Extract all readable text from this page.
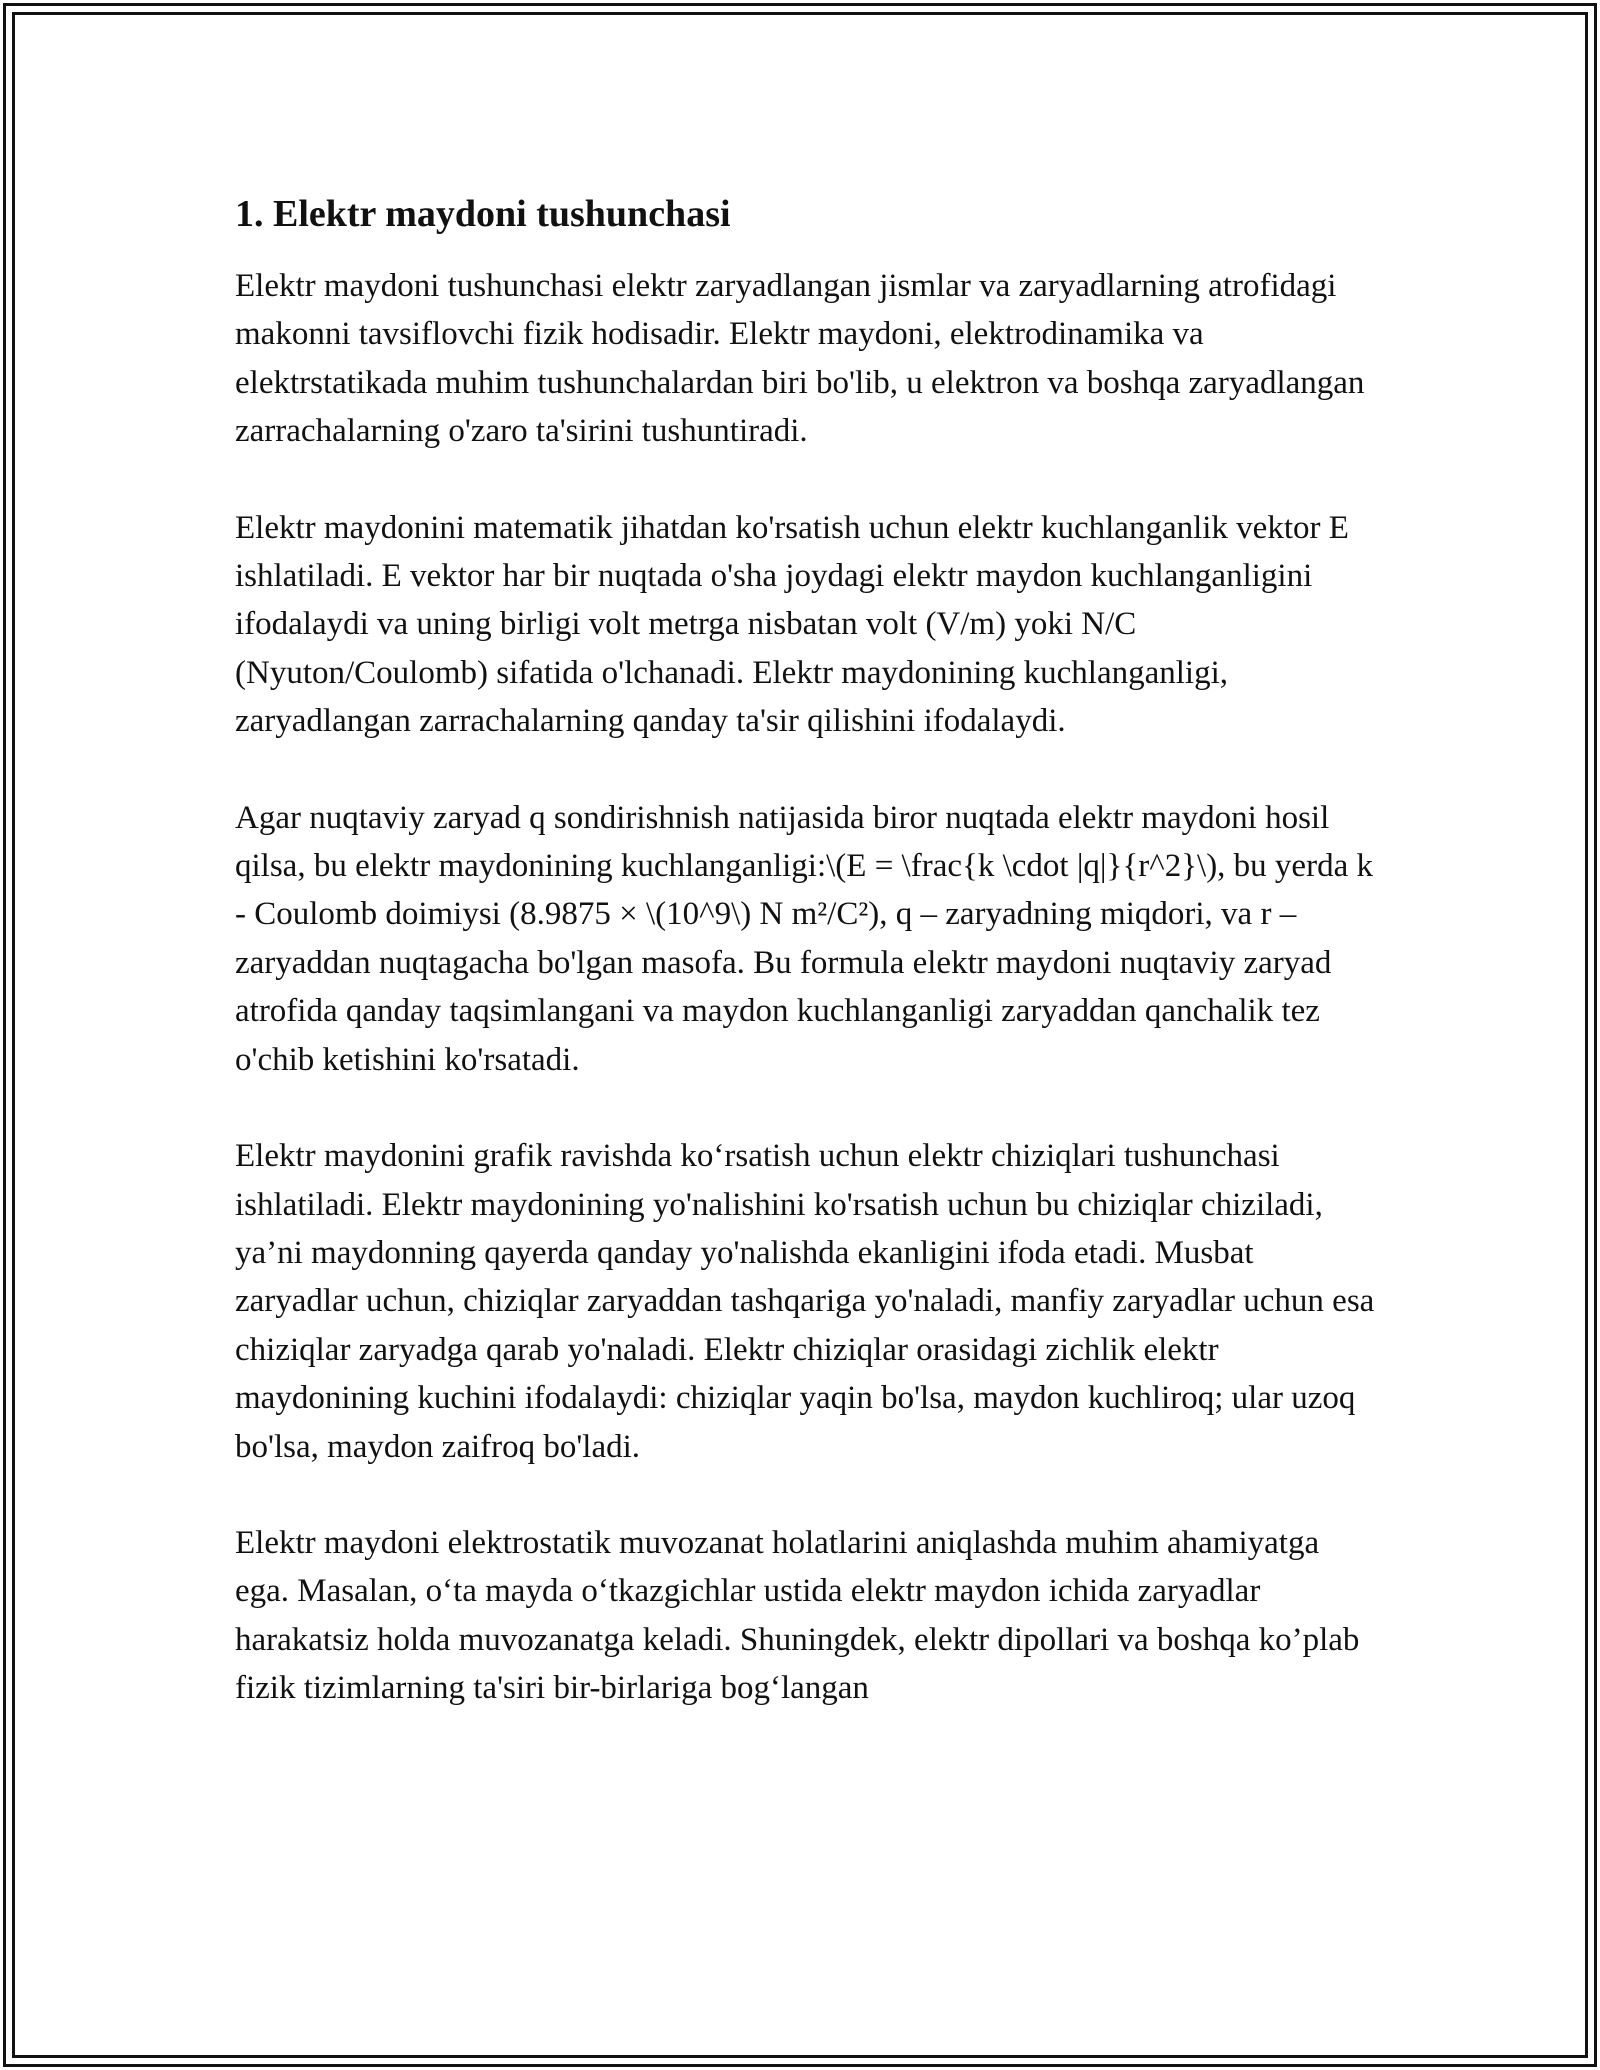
1. Elektr maydoni tushunchasi

Elektr maydoni tushunchasi elektr zaryadlangan jismlar va zaryadlarning atrofidagi makonni tavsiflovchi fizik hodisadir. Elektr maydoni, elektrodinamika va elektrstatikada muhim tushunchalardan biri bo'lib, u elektron va boshqa zaryadlangan zarrachalarning o'zaro ta'sirini tushuntiradi.

Elektr maydonini matematik jihatdan ko'rsatish uchun elektr kuchlanganlik vektor E ishlatiladi. E vektor har bir nuqtada o'sha joydagi elektr maydon kuchlanganligini ifodalaydi va uning birligi volt metrga nisbatan volt (V/m) yoki N/C (Nyuton/Coulomb) sifatida o'lchanadi. Elektr maydonining kuchlanganligi, zaryadlangan zarrachalarning qanday ta'sir qilishini ifodalaydi.

Agar nuqtaviy zaryad q sondirishnish natijasida biror nuqtada elektr maydoni hosil qilsa, bu elektr maydonining kuchlanganligi:\(E = \frac{k \cdot |q|}{r^2}\), bu yerda k - Coulomb doimiysi (8.9875 × \(10^9\) N m²/C²), q – zaryadning miqdori, va r – zaryaddan nuqtagacha bo'lgan masofa. Bu formula elektr maydoni nuqtaviy zaryad atrofida qanday taqsimlangani va maydon kuchlanganligi zaryaddan qanchalik tez o'chib ketishini ko'rsatadi.

Elektr maydonini grafik ravishda ko‘rsatish uchun elektr chiziqlari tushunchasi ishlatiladi. Elektr maydonining yo'nalishini ko'rsatish uchun bu chiziqlar chiziladi, ya’ni maydonning qayerda qanday yo'nalishda ekanligini ifoda etadi. Musbat zaryadlar uchun, chiziqlar zaryaddan tashqariga yo'naladi, manfiy zaryadlar uchun esa chiziqlar zaryadga qarab yo'naladi. Elektr chiziqlar orasidagi zichlik elektr maydonining kuchini ifodalaydi: chiziqlar yaqin bo'lsa, maydon kuchliroq; ular uzoq bo'lsa, maydon zaifroq bo'ladi.

Elektr maydoni elektrostatik muvozanat holatlarini aniqlashda muhim ahamiyatga ega. Masalan, o‘ta mayda o‘tkazgichlar ustida elektr maydon ichida zaryadlar harakatsiz holda muvozanatga keladi. Shuningdek, elektr dipollari va boshqa ko’plab fizik tizimlarning ta'siri bir-birlariga bog‘langan
